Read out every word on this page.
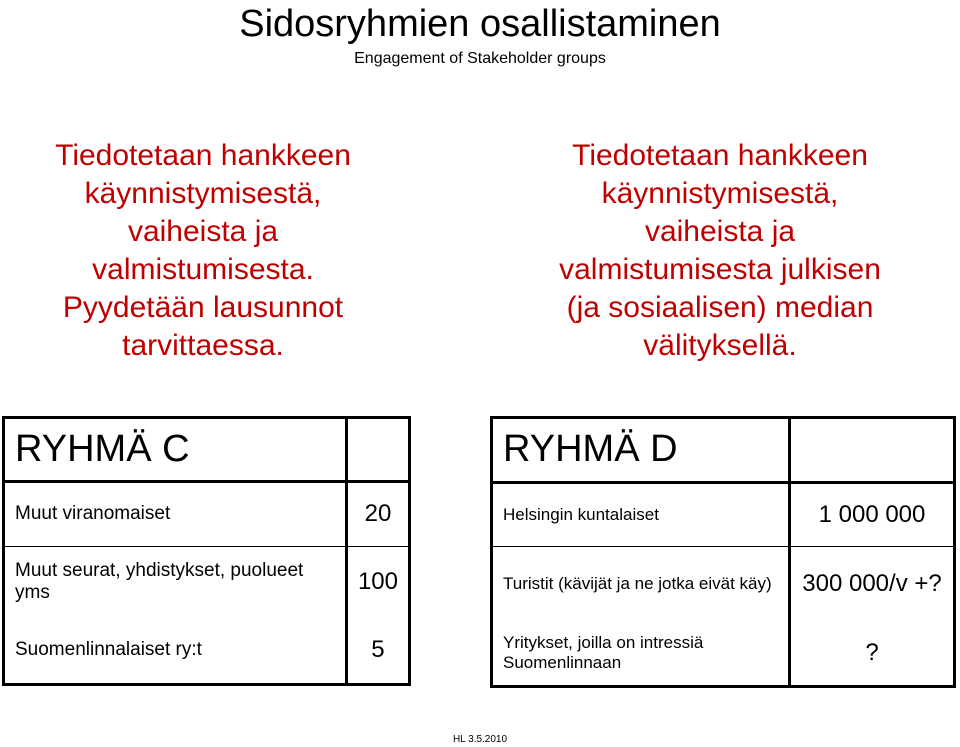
Sidosryhmien osallistaminen
Engagement of Stakeholder groups
Tiedotetaan hankkeen
käynnistymisestä,
vaiheista ja
valmistumisesta.
Pyydetään lausunnot
tarvittaessa.
Tiedotetaan hankkeen
käynnistymisestä,
vaiheista ja
valmistumisesta julkisen
(ja sosiaalisen) median
välityksellä.
RYHMÄ C	
Muut viranomaiset	20
Muut seurat, yhdistykset, puolueet yms	100
Suomenlinnalaiset ry:t	5
RYHMÄ D	
Helsingin kuntalaiset	1 000 000
Turistit (kävijät ja ne jotka eivät käy)	300 000/v +?
Yritykset, joilla on intressiä Suomenlinnaan	?
HL 3.5.2010
